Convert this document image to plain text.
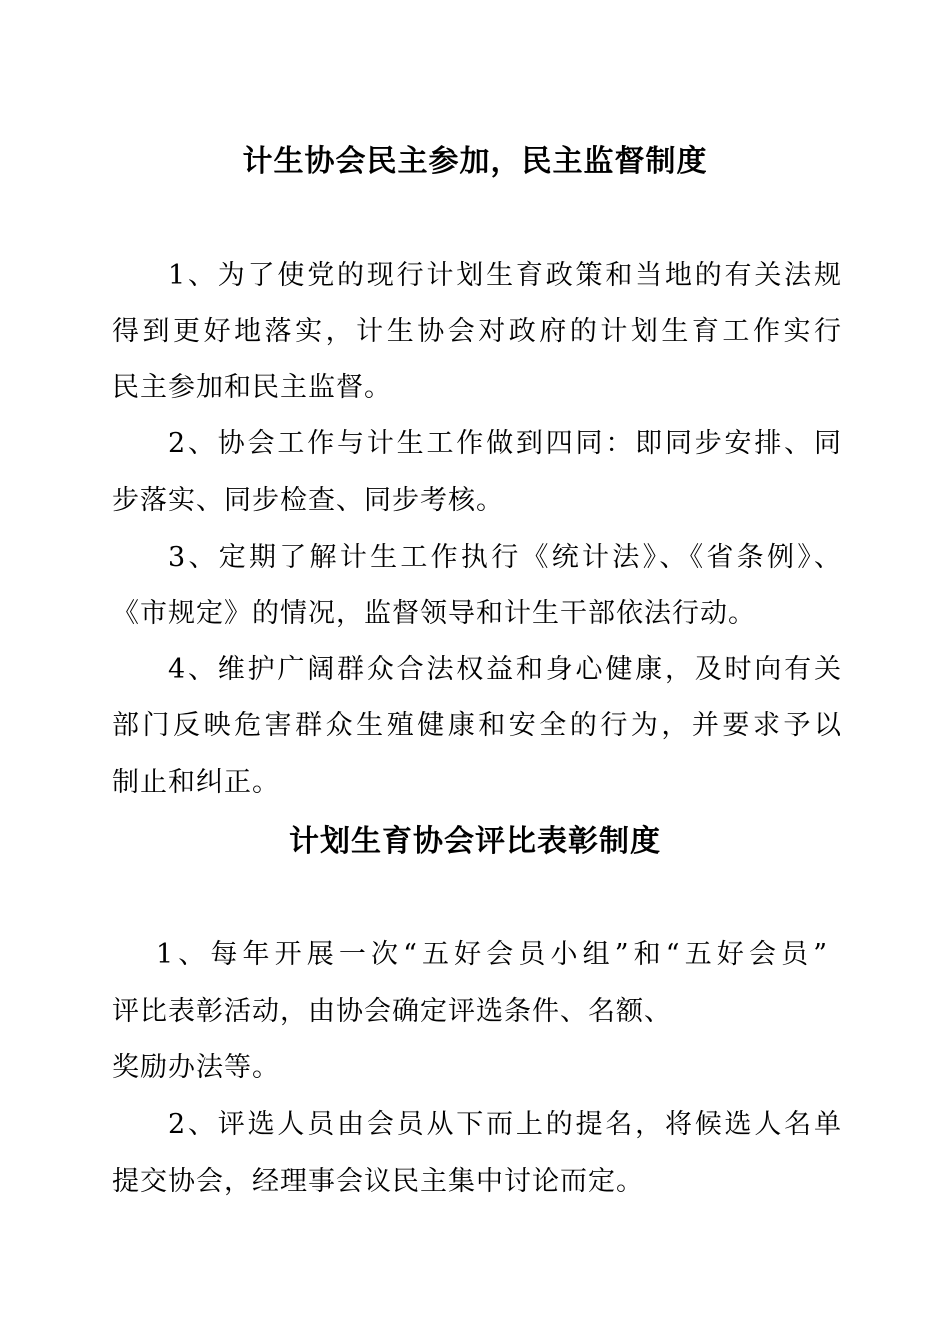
计生协会民主参加，民主监督制度
1、为了使党的现行计划生育政策和当地的有关法规
得到更好地落实，计生协会对政府的计划生育工作实行
民主参加和民主监督。
2、协会工作与计生工作做到四同：即同步安排、同
步落实、同步检查、同步考核。
3、定期了解计生工作执行《统计法》、《省条例》、
《市规定》的情况，监督领导和计生干部依法行动。
4、维护广阔群众合法权益和身心健康，及时向有关
部门反映危害群众生殖健康和安全的行为，并要求予以
制止和纠正。
计划生育协会评比表彰制度
1、每年开展一次“五好会员小组”和“五好会员”
评比表彰活动，由协会确定评选条件、名额、
奖励办法等。
2、评选人员由会员从下而上的提名，将候选人名单
提交协会，经理事会议民主集中讨论而定。
